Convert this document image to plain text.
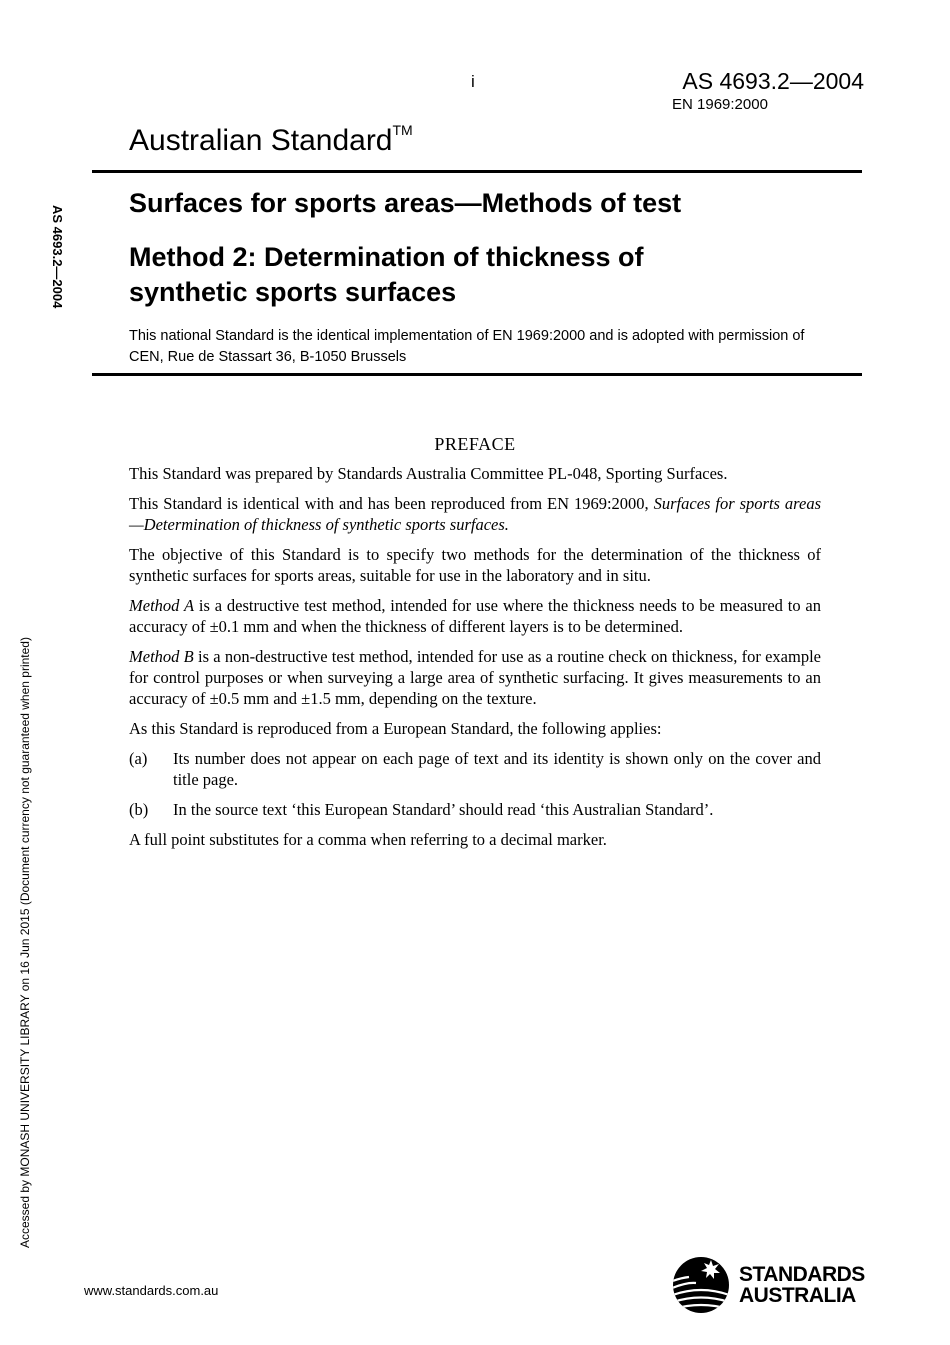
i	AS 4693.2—2004
EN 1969:2000
Australian Standard™
Surfaces for sports areas—Methods of test
Method 2: Determination of thickness of synthetic sports surfaces
This national Standard is the identical implementation of EN 1969:2000 and is adopted with permission of CEN, Rue de Stassart 36, B-1050 Brussels
AS 4693.2—2004
Accessed by MONASH UNIVERSITY LIBRARY on 16 Jun 2015 (Document currency not guaranteed when printed)
PREFACE

This Standard was prepared by Standards Australia Committee PL-048, Sporting Surfaces.

This Standard is identical with and has been reproduced from EN 1969:2000, Surfaces for sports areas—Determination of thickness of synthetic sports surfaces.

The objective of this Standard is to specify two methods for the determination of the thickness of synthetic surfaces for sports areas, suitable for use in the laboratory and in situ.

Method A is a destructive test method, intended for use where the thickness needs to be measured to an accuracy of ±0.1 mm and when the thickness of different layers is to be determined.

Method B is a non-destructive test method, intended for use as a routine check on thickness, for example for control purposes or when surveying a large area of synthetic surfacing. It gives measurements to an accuracy of ±0.5 mm and ±1.5 mm, depending on the texture.

As this Standard is reproduced from a European Standard, the following applies:

(a)	Its number does not appear on each page of text and its identity is shown only on the cover and title page.
(b)	In the source text ‘this European Standard’ should read ‘this Australian Standard’.

A full point substitutes for a comma when referring to a decimal marker.

www.standards.com.au
STANDARDS
AUSTRALIA
